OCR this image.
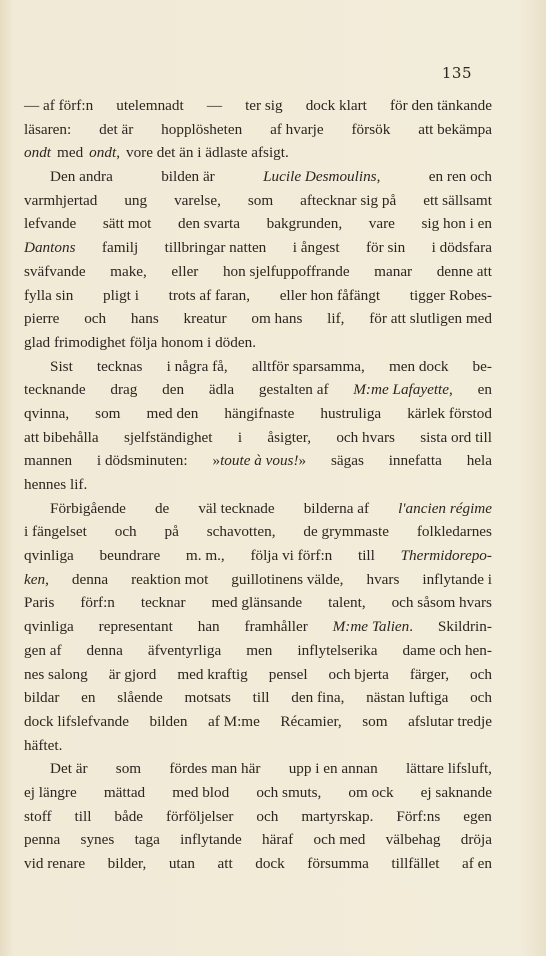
135
— af förf:n utelemnadt — ter sig dock klart för den tänkande
läsaren: det är hopplösheten af hvarje försök att bekämpa
ondt med ondt, vore det än i ädlaste afsigt.
Den andra	bilden är	Lucile Desmoulins,	en ren och
varmhjertad ung varelse, som aftecknar sig på ett sällsamt
lefvande sätt mot den svarta bakgrunden, vare sig hon i en
Dantons familj tillbringar natten i ångest för sin i dödsfara
sväfvande make, eller hon sjelfuppoffrande manar denne att
fylla sin pligt i trots af faran, eller hon fåfängt tigger Robes-
pierre och hans kreatur om hans lif, för att slutligen med
glad frimodighet följa honom i döden.
Sist tecknas i några få, alltför sparsamma, men dock be-
tecknande drag den ädla gestalten af M:me Lafayette, en
qvinna, som med den hängifnaste hustruliga kärlek förstod
att bibehålla sjelfständighet i åsigter, och hvars sista ord till
mannen i dödsminuten: »toute à vous!» sägas innefatta hela
hennes lif.
Förbigående de väl tecknade bilderna af l'ancien régime
i fängelset och på schavotten, de grymmaste folkledarnes
qvinliga beundrare m. m., följa vi förf:n till Thermidorepo-
ken, denna reaktion mot guillotinens välde, hvars inflytande i
Paris förf:n tecknar med glänsande talent, och såsom hvars
qvinliga representant han framhåller M:me Talien. Skildrin-
gen af denna äfventyrliga men inflytelserika dame och hen-
nes salong är gjord med kraftig pensel och bjerta färger, och
bildar en slående motsats till den fina, nästan luftiga och
dock lifslefvande bilden af M:me Récamier, som afslutar tredje
häftet.
Det är som fördes man här upp i en annan lättare lifsluft,
ej längre mättad med blod och smuts, om ock ej saknande
stoff till både förföljelser och martyrskap. Förf:ns egen
penna synes taga inflytande häraf och med välbehag dröja
vid renare bilder, utan att dock försumma tillfället af en
